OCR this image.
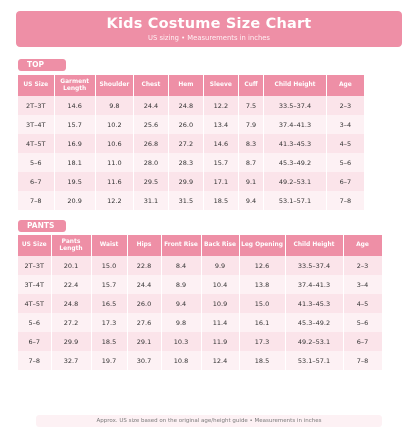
Kids Costume Size Chart
US sizing • Measurements in inches
TOP
US Size	Garment Length	Shoulder	Chest	Hem	Sleeve	Cuff	Child Height	Age
2T–3T	14.6	9.8	24.4	24.8	12.2	7.5	33.5–37.4	2–3
3T–4T	15.7	10.2	25.6	26.0	13.4	7.9	37.4–41.3	3–4
4T–5T	16.9	10.6	26.8	27.2	14.6	8.3	41.3–45.3	4–5
5–6	18.1	11.0	28.0	28.3	15.7	8.7	45.3–49.2	5–6
6–7	19.5	11.6	29.5	29.9	17.1	9.1	49.2–53.1	6–7
7–8	20.9	12.2	31.1	31.5	18.5	9.4	53.1–57.1	7–8
PANTS
US Size	Pants Length	Waist	Hips	Front Rise	Back Rise	Leg Opening	Child Height	Age
2T–3T	20.1	15.0	22.8	8.4	9.9	12.6	33.5–37.4	2–3
3T–4T	22.4	15.7	24.4	8.9	10.4	13.8	37.4–41.3	3–4
4T–5T	24.8	16.5	26.0	9.4	10.9	15.0	41.3–45.3	4–5
5–6	27.2	17.3	27.6	9.8	11.4	16.1	45.3–49.2	5–6
6–7	29.9	18.5	29.1	10.3	11.9	17.3	49.2–53.1	6–7
7–8	32.7	19.7	30.7	10.8	12.4	18.5	53.1–57.1	7–8
Approx. US size based on the original age/height guide • Measurements in inches
